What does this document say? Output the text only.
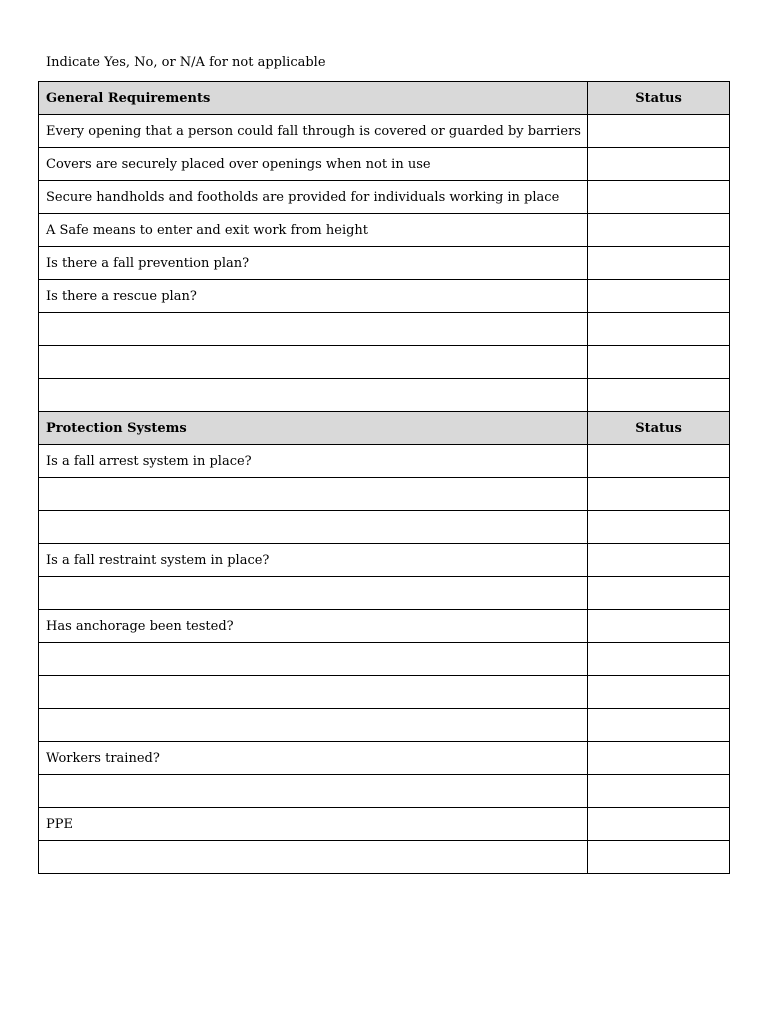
Indicate Yes, No, or N/A for not applicable
General Requirements	Status
Every opening that a person could fall through is covered or guarded by barriers	
Covers are securely placed over openings when not in use	
Secure handholds and footholds are provided for individuals working in place	
A Safe means to enter and exit work from height	
Is there a fall prevention plan?	
Is there a rescue plan?	

Protection Systems	Status
Is a fall arrest system in place?	

Is a fall restraint system in place?	

Has anchorage been tested?	

Workers trained?	

PPE	
